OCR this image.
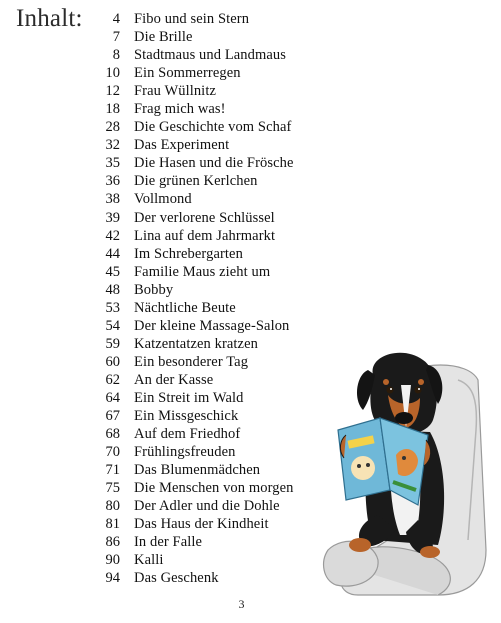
Inhalt:	4 Fibo und sein Stern
7 Die Brille
8 Stadtmaus und Landmaus
10 Ein Sommerregen
12 Frau Wüllnitz
18 Frag mich was!
28 Die Geschichte vom Schaf
32 Das Experiment
35 Die Hasen und die Frösche
36 Die grünen Kerlchen
38 Vollmond
39 Der verlorene Schlüssel
42 Lina auf dem Jahrmarkt
44 Im Schrebergarten
45 Familie Maus zieht um
48 Bobby
53 Nächtliche Beute
54 Der kleine Massage-Salon
59 Katzentatzen kratzen
60 Ein besonderer Tag
62 An der Kasse
64 Ein Streit im Wald
67 Ein Missgeschick
68 Auf dem Friedhof
70 Frühlingsfreuden
71 Das Blumenmädchen
75 Die Menschen von morgen
80 Der Adler und die Dohle
81 Das Haus der Kindheit
86 In der Falle
90 Kalli
94 Das Geschenk
3
